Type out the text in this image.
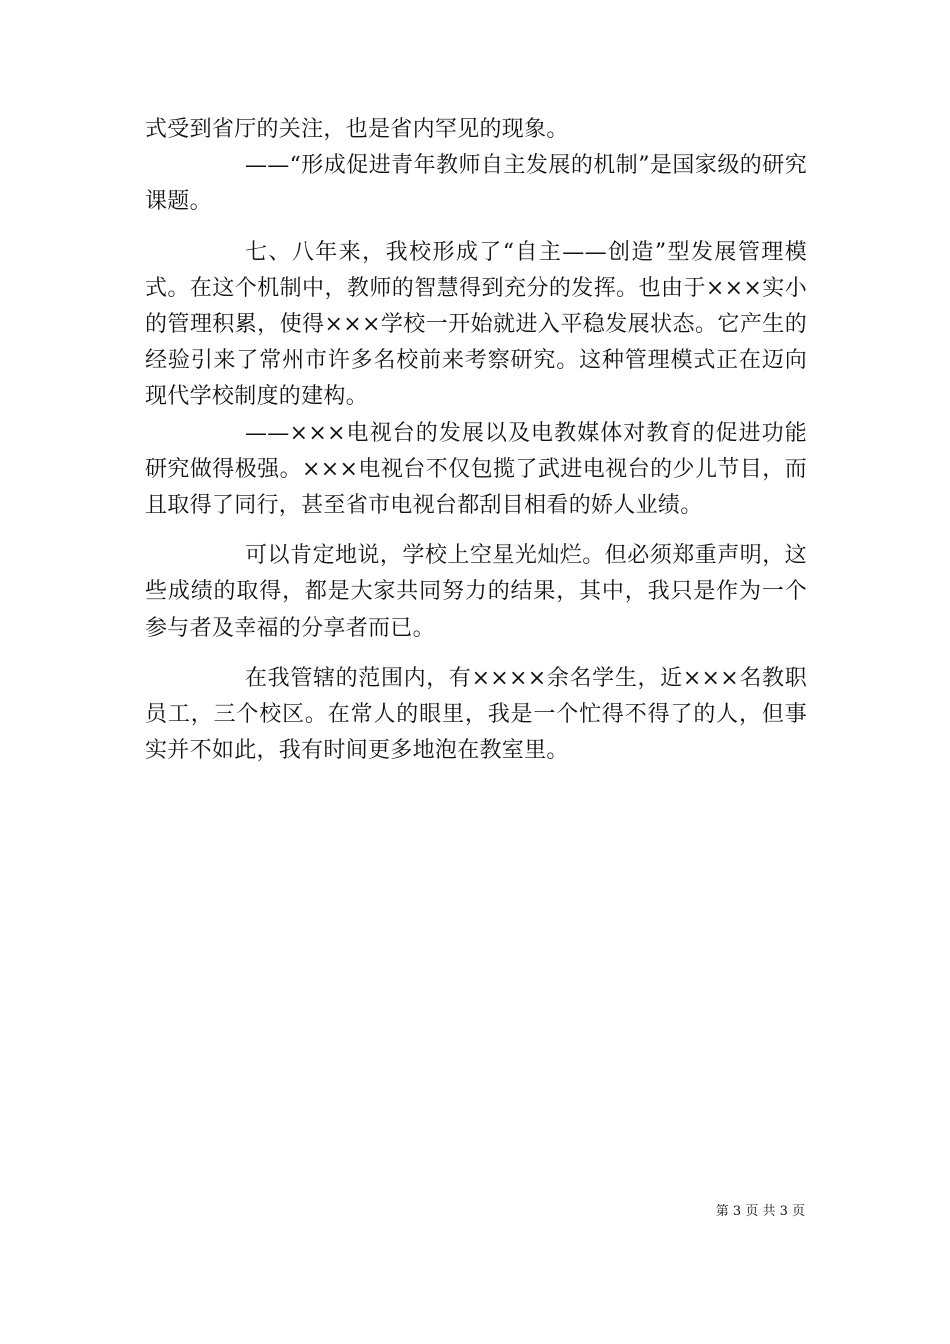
式受到省厅的关注，也是省内罕见的现象。

——“形成促进青年教师自主发展的机制”是国家级的研究课题。

七、八年来，我校形成了“自主——创造”型发展管理模式。在这个机制中，教师的智慧得到充分的发挥。也由于×××实小的管理积累，使得×××学校一开始就进入平稳发展状态。它产生的经验引来了常州市许多名校前来考察研究。这种管理模式正在迈向现代学校制度的建构。

——×××电视台的发展以及电教媒体对教育的促进功能研究做得极强。×××电视台不仅包揽了武进电视台的少儿节目，而且取得了同行，甚至省市电视台都刮目相看的娇人业绩。

可以肯定地说，学校上空星光灿烂。但必须郑重声明，这些成绩的取得，都是大家共同努力的结果，其中，我只是作为一个参与者及幸福的分享者而已。

在我管辖的范围内，有××××余名学生，近×××名教职员工，三个校区。在常人的眼里，我是一个忙得不得了的人，但事实并不如此，我有时间更多地泡在教室里。

第 3 页 共 3 页
